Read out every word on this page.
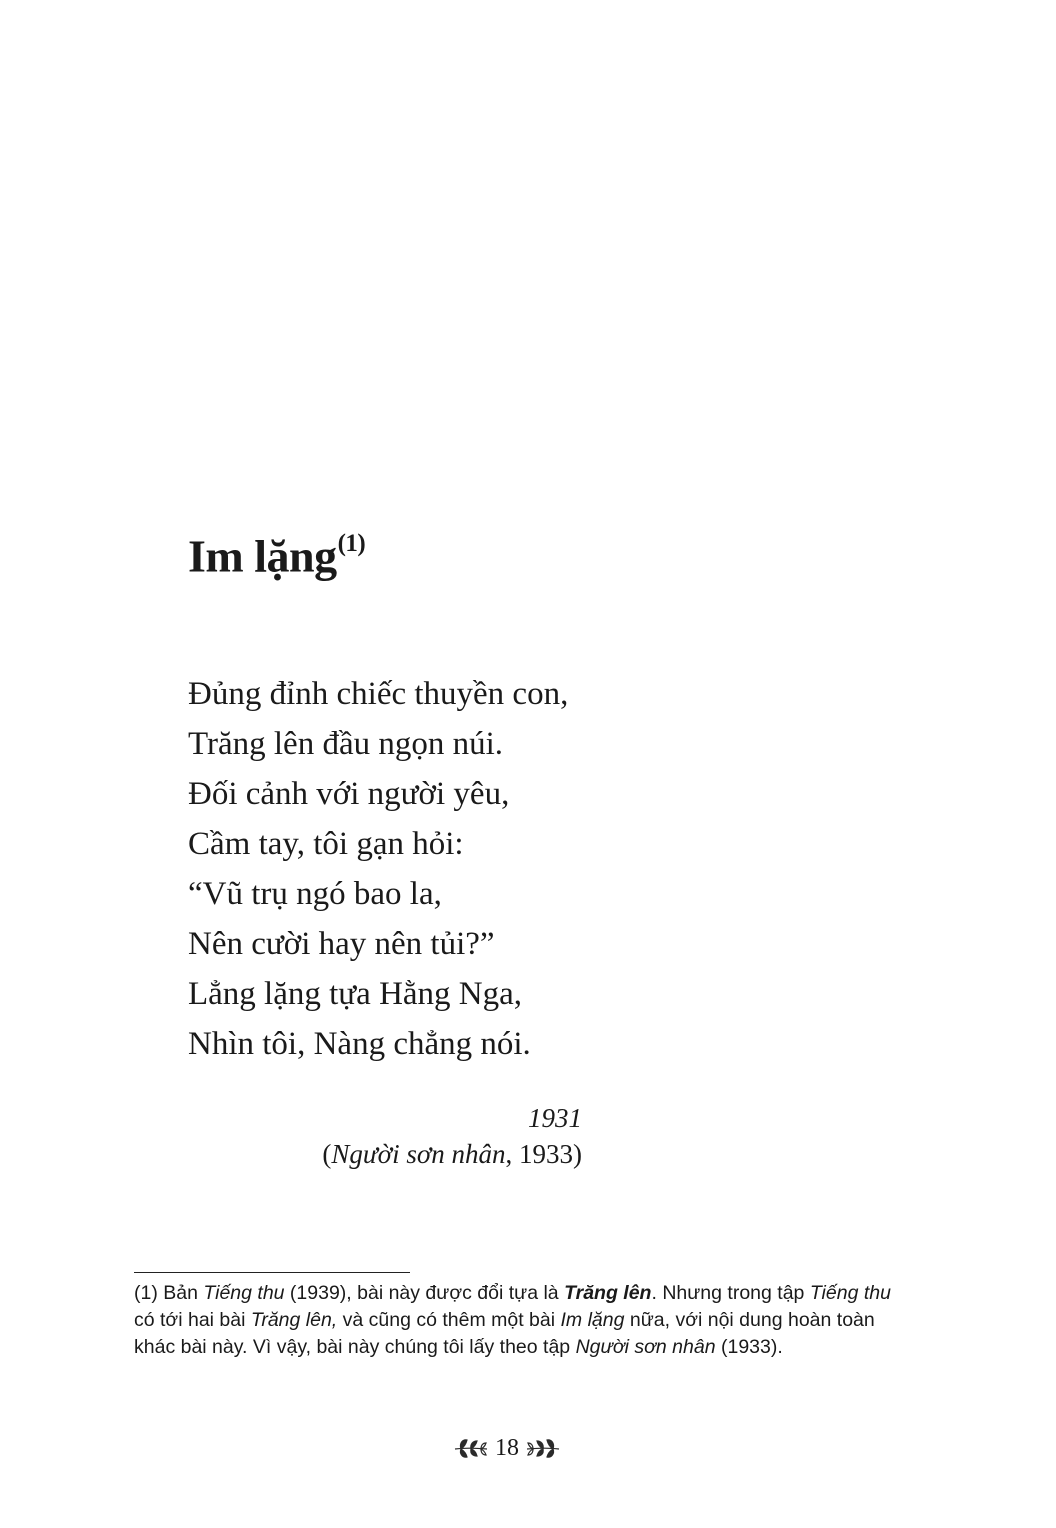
Im lặng$^{(1)}$
Đủng đỉnh chiếc thuyền con,
Trăng lên đầu ngọn núi.
Đối cảnh với người yêu,
Cầm tay, tôi gạn hỏi:
“Vũ trụ ngó bao la,
Nên cười hay nên tủi?”
Lẳng lặng tựa Hằng Nga,
Nhìn tôi, Nàng chẳng nói.
1931
(Người sơn nhân, 1933)

(1) Bản Tiếng thu (1939), bài này được đổi tựa là Trăng lên. Nhưng trong tập Tiếng thu
có tới hai bài Trăng lên, và cũng có thêm một bài Im lặng nữa, với nội dung hoàn toàn
khác bài này. Vì vậy, bài này chúng tôi lấy theo tập Người sơn nhân (1933).

18
